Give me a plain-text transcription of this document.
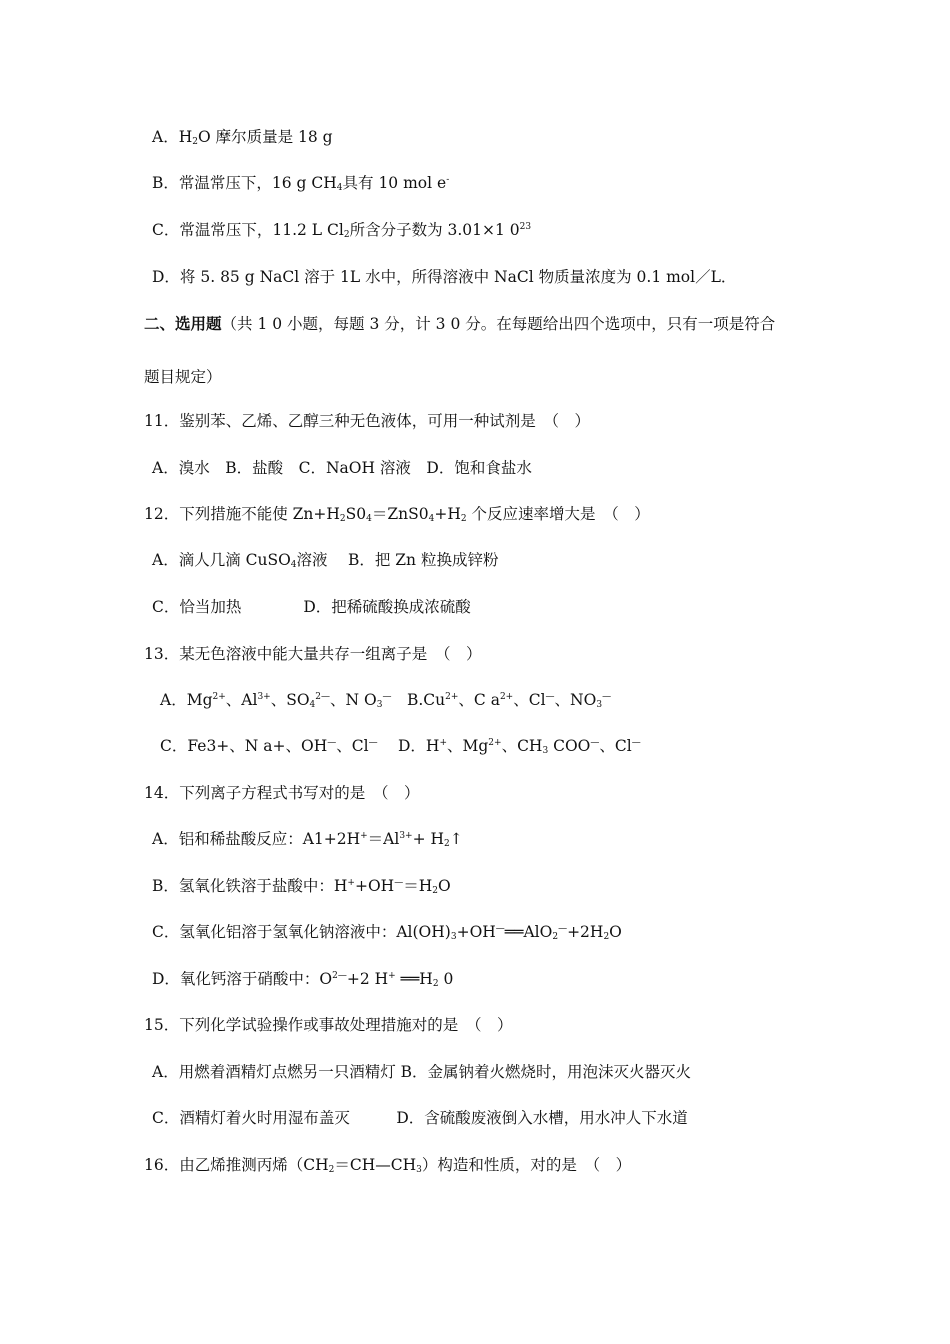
A．$H_2O$ 摩尔质量是 18 g
B．常温常压下，16 g $CH_4$具有 10 mol e-
C．常温常压下，11.2 L $Cl_2$所含分子数为 3.01×1 $0^{23}$
D．将 5. 85 g NaCl 溶于 1L 水中，所得溶液中 NaCl 物质量浓度为 0.1 mol／L．
二、选用题（共 1 0 小题，每题 3 分，计 3 0 分。在每题给出四个选项中，只有一项是符合
题目规定）
11．鉴别苯、乙烯、乙醇三种无色液体，可用一种试剂是　（　）
A．溴水　B．盐酸　C．NaOH 溶液　D．饱和食盐水
12．下列措施不能使 $Zn+H_2S0_4=ZnS0_4+H_2$ 个反应速率增大是　（　）
A．滴人几滴 CuSO$_4$溶液　 B．把 Zn 粒换成锌粉
C．恰当加热　　　　D．把稀硫酸换成浓硫酸
13．某无色溶液中能大量共存一组离子是　（　）
A．$Mg^{2+}$、$Al^{3+}$、$SO_4^{2—}$、N $O_3^—$　$B.Cu^{2+}$、C $a^{2+}$、Cl—、$NO_3^—$
C．Fe3+、N a+、OH—、Cl—　 D．H+、$Mg^{2+}$、$CH_3$ COO—、Cl—
14．下列离子方程式书写对的是　（　）
A．铝和稀盐酸反应：$A1+2H^+=Al^{3+}+$ $H_2↑$
B．氢氧化铁溶于盐酸中：$H^++OH^—=H_2O$
C．氢氧化铝溶于氢氧化钠溶液中：$Al(OH)_3+OH^—══AlO_2^—+2H_2O$
D．氧化钙溶于硝酸中：$O^{2—}+2$ H+ $══H_2$ 0
15．下列化学试验操作或事故处理措施对的是　（　）
A．用燃着酒精灯点燃另一只酒精灯 B．金属钠着火燃烧时，用泡沫灭火器灭火
C．酒精灯着火时用湿布盖灭　　　D．含硫酸废液倒入水槽，用水冲人下水道
16．由乙烯推测丙烯$(CH_2=CH—CH_3)$构造和性质，对的是　（　）
